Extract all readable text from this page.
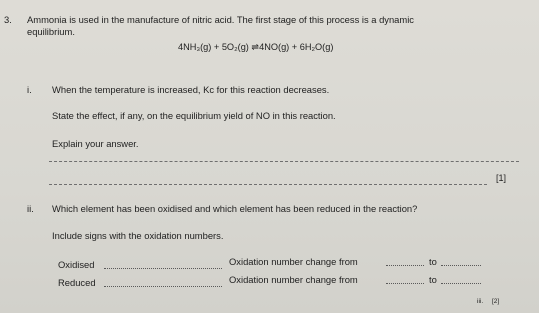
3. Ammonia is used in the manufacture of nitric acid. The first stage of this process is a dynamic
equilibrium.
4NH₃(g) + 5O₂(g) ⇌4NO(g) + 6H₂O(g)
i. When the temperature is increased, Kᴄ for this reaction decreases.
State the effect, if any, on the equilibrium yield of NO in this reaction.
Explain your answer.
[1]
ii. Which element has been oxidised and which element has been reduced in the reaction?
Include signs with the oxidation numbers.
Oxidised	Oxidation number change from	to
Reduced	Oxidation number change from	to
iii. [2]
